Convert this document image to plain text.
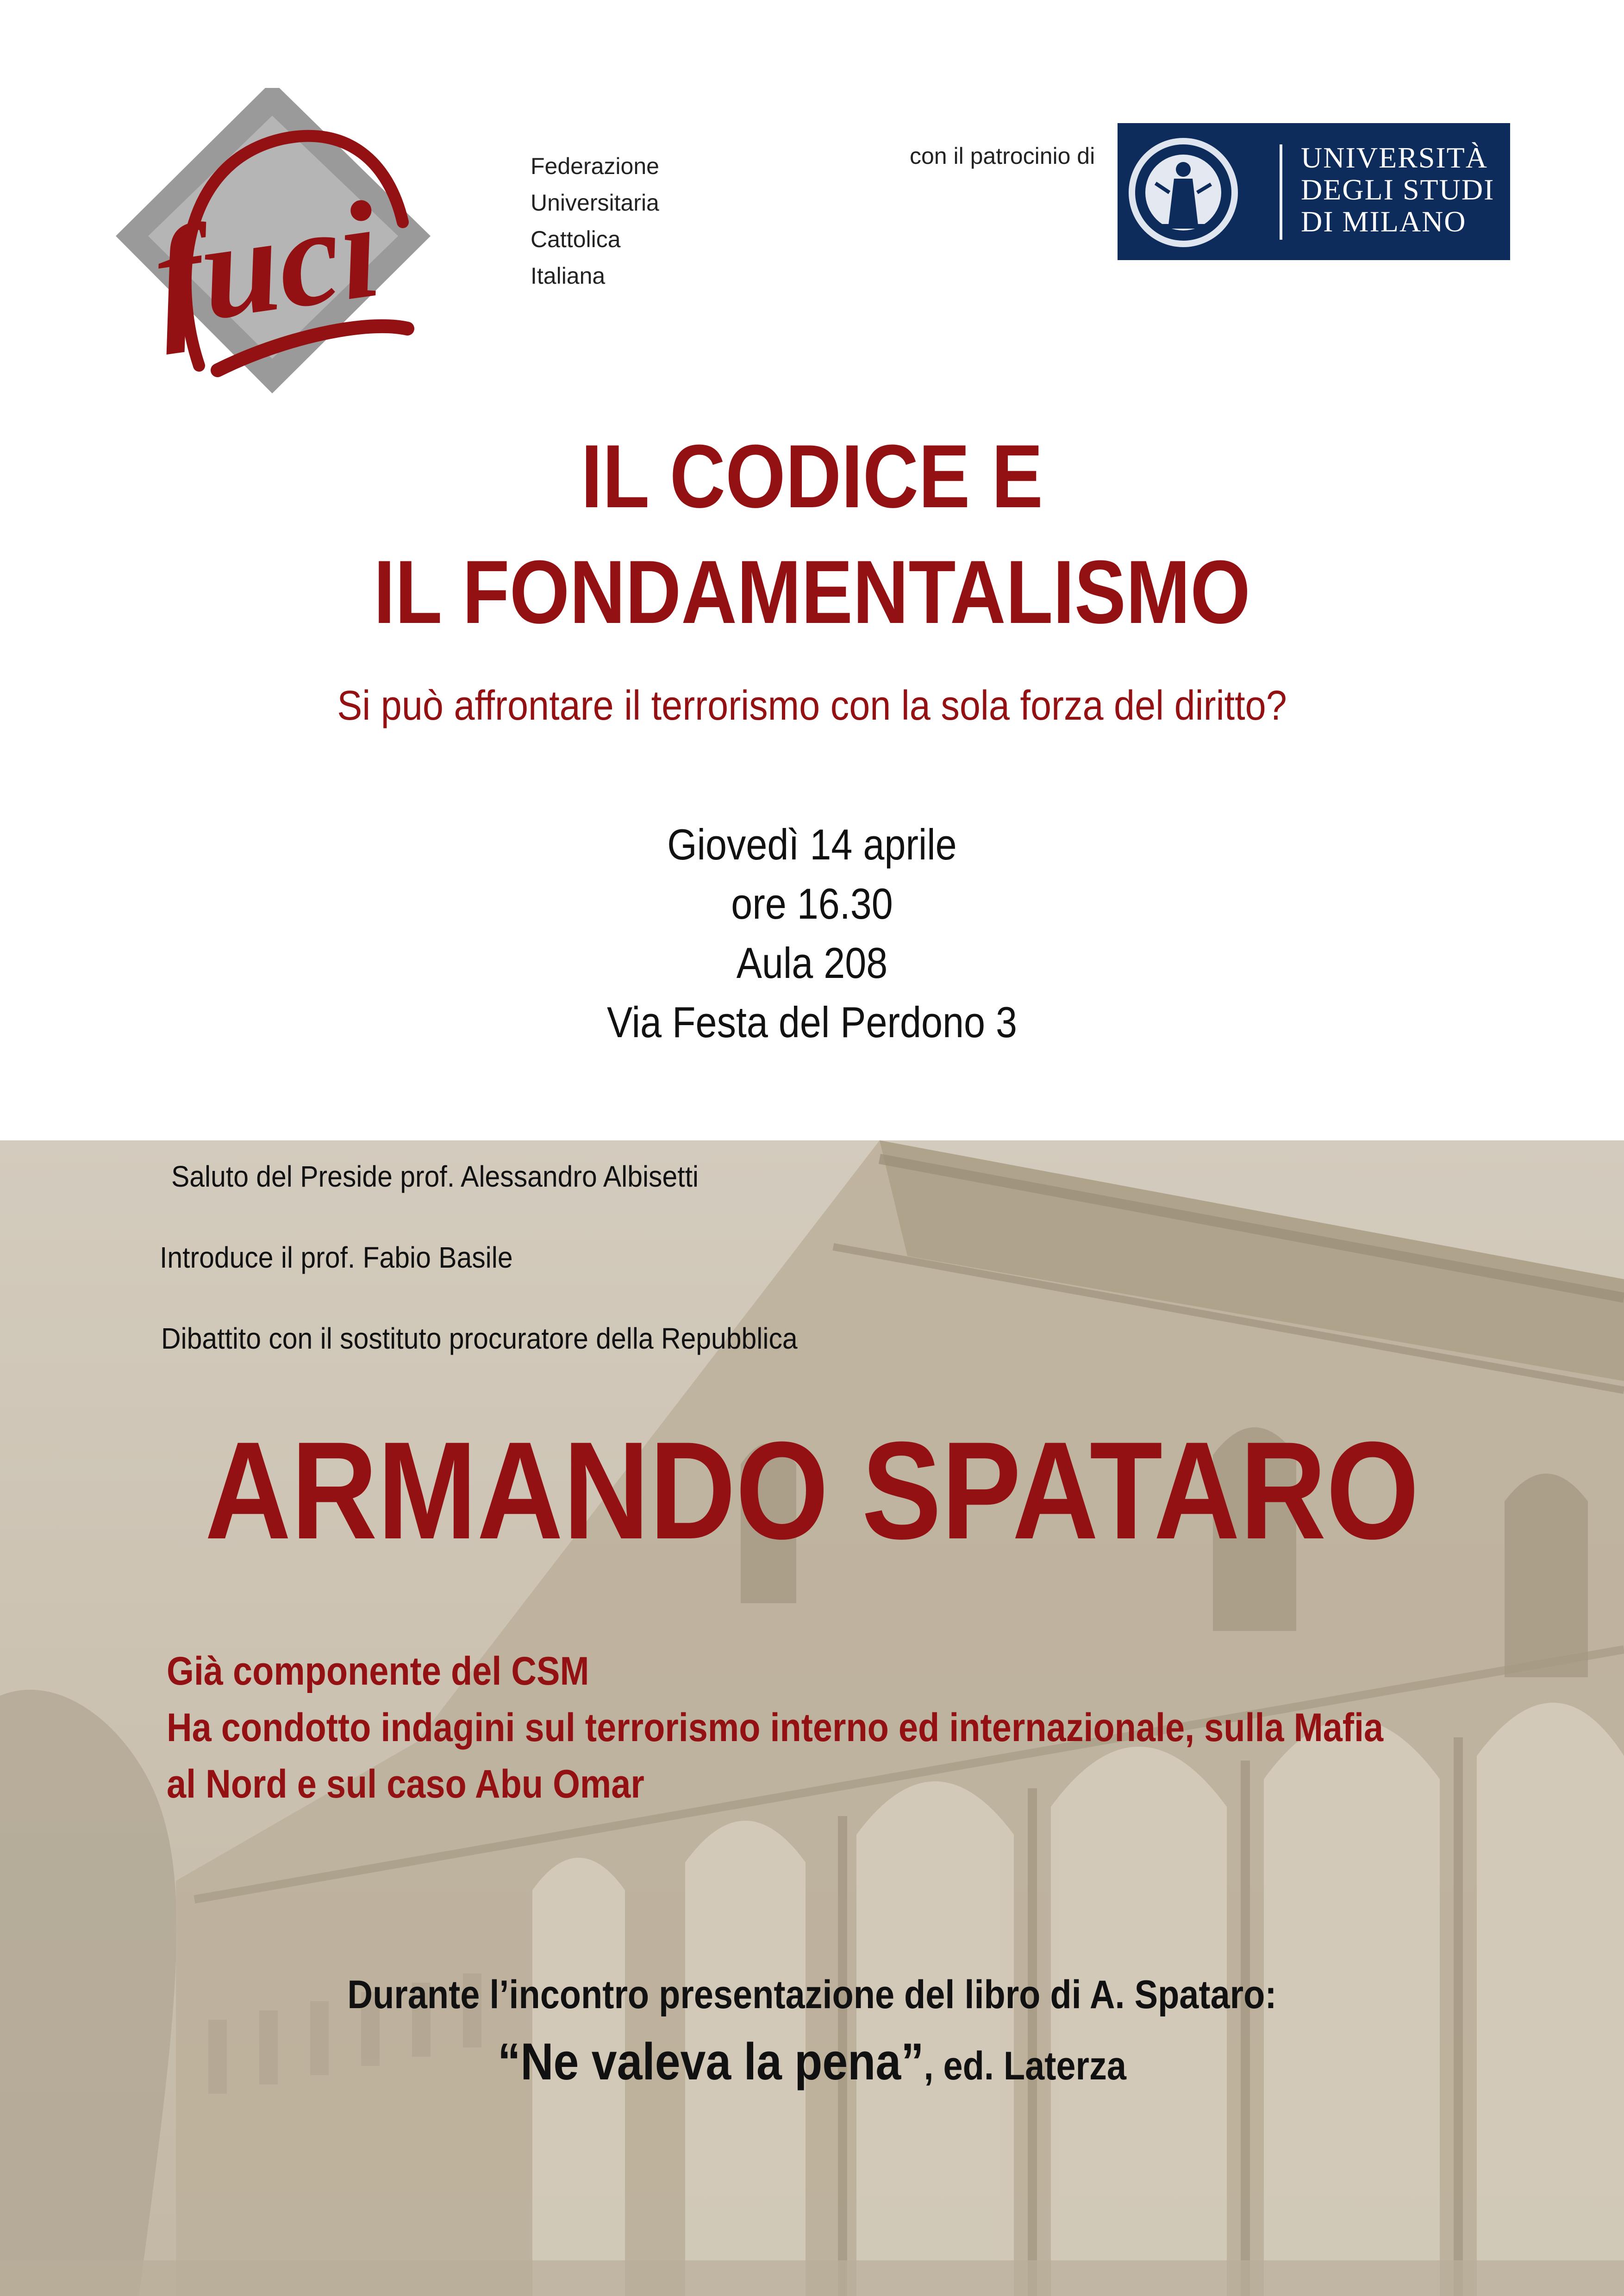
fuci
Federazione
Universitaria
Cattolica
Italiana
con il patrocinio di	UNIVERSITÀ
DEGLI STUDI
DI MILANO
IL CODICE E
IL FONDAMENTALISMO
Si può affrontare il terrorismo con la sola forza del diritto?
Giovedì 14 aprile
ore 16.30
Aula 208
Via Festa del Perdono 3
Saluto del Preside prof. Alessandro Albisetti
Introduce il prof. Fabio Basile
Dibattito con il sostituto procuratore della Repubblica
ARMANDO SPATARO
Già componente del CSM
Ha condotto indagini sul terrorismo interno ed internazionale, sulla Mafia
al Nord e sul caso Abu Omar
Durante l’incontro presentazione del libro di A. Spataro:
“Ne valeva la pena”, ed. Laterza
